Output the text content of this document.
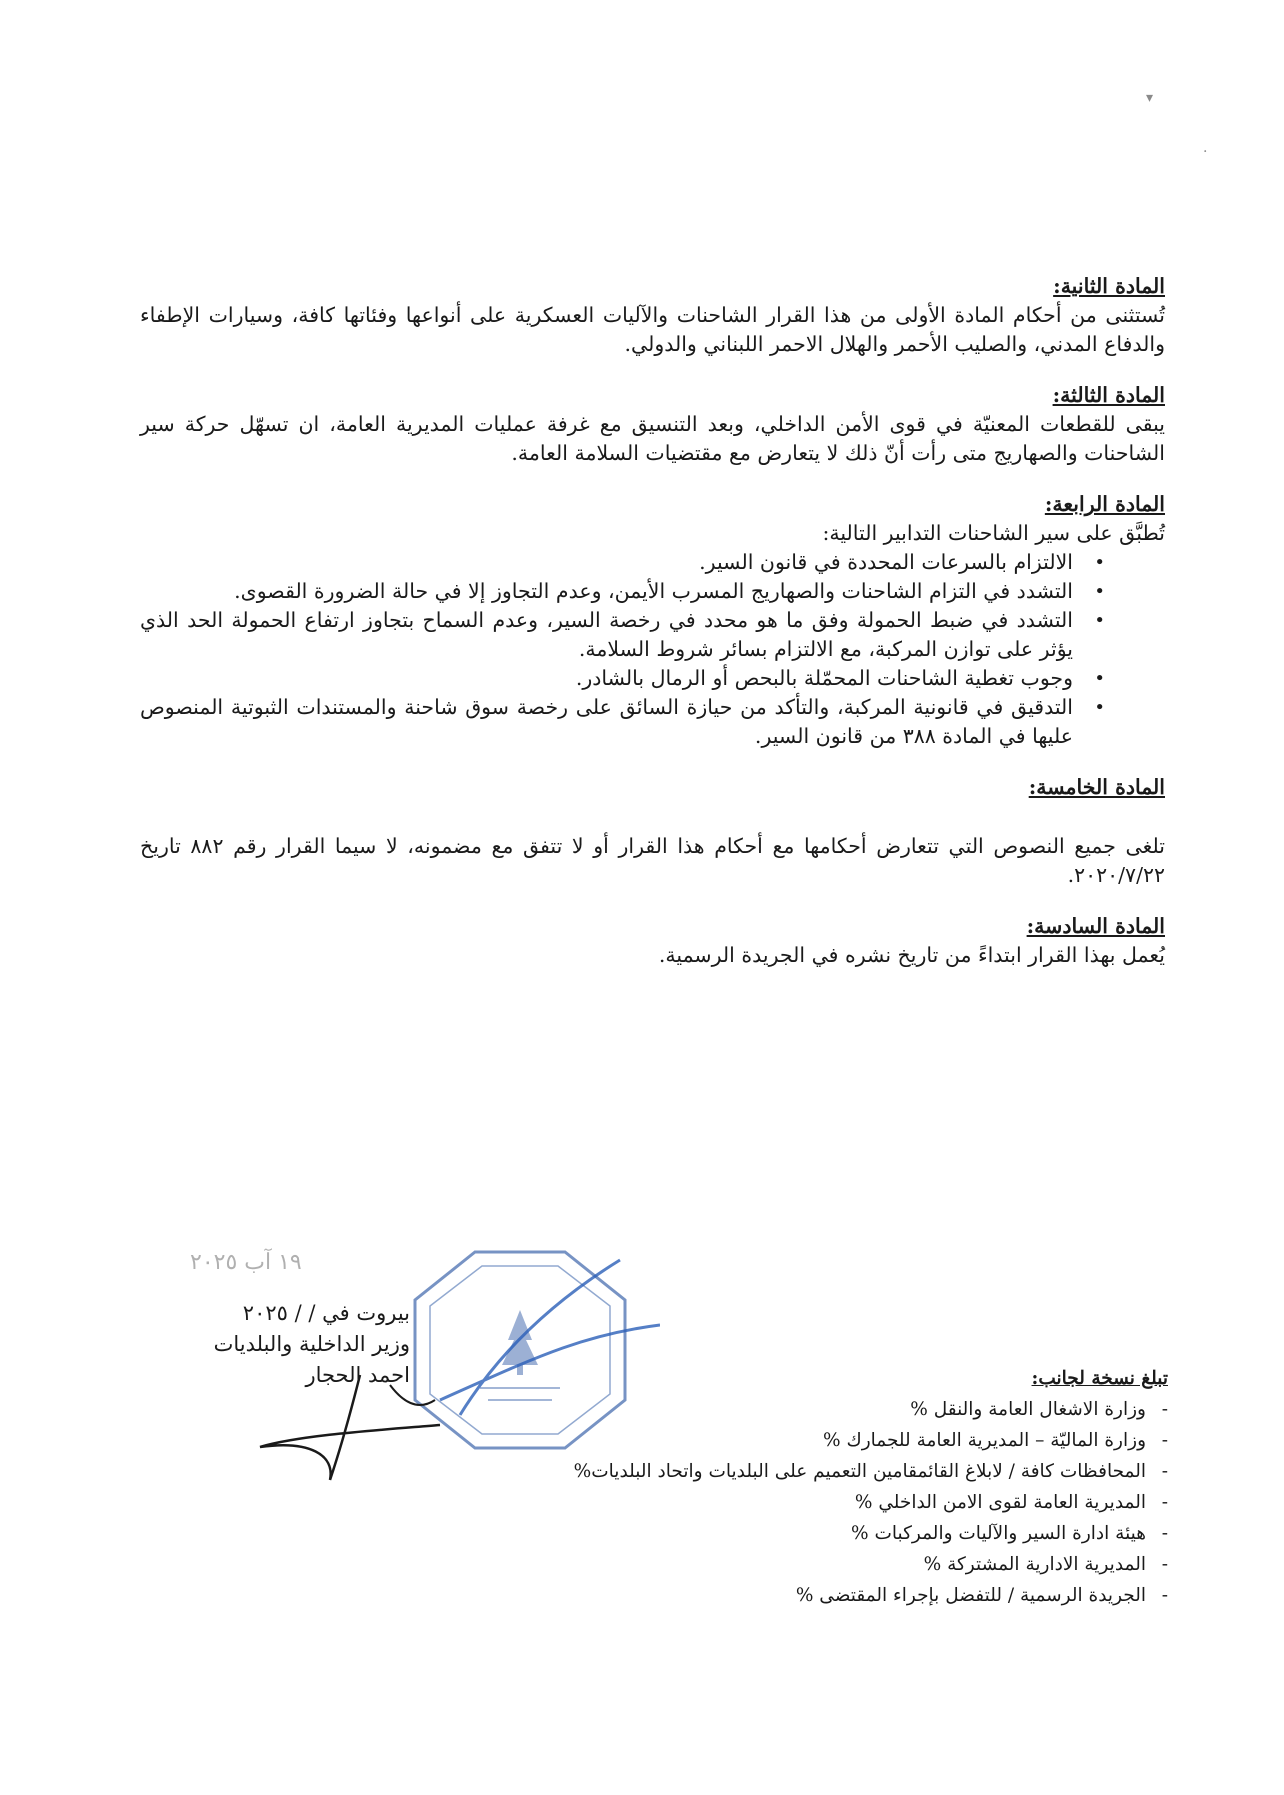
▾
·

المادة الثانية:

تُستثنى من أحكام المادة الأولى من هذا القرار الشاحنات والآليات العسكرية على أنواعها وفئاتها كافة، وسيارات الإطفاء والدفاع المدني، والصليب الأحمر والهلال الاحمر اللبناني والدولي.

المادة الثالثة:

يبقى للقطعات المعنيّة في قوى الأمن الداخلي، وبعد التنسيق مع غرفة عمليات المديرية العامة، ان تسهّل حركة سير الشاحنات والصهاريج متى رأت أنّ ذلك لا يتعارض مع مقتضيات السلامة العامة.

المادة الرابعة:

تُطبَّق على سير الشاحنات التدابير التالية:

• الالتزام بالسرعات المحددة في قانون السير.
• التشدد في التزام الشاحنات والصهاريج المسرب الأيمن، وعدم التجاوز إلا في حالة الضرورة القصوى.
• التشدد في ضبط الحمولة وفق ما هو محدد في رخصة السير، وعدم السماح بتجاوز ارتفاع الحمولة الحد الذي يؤثر على توازن المركبة، مع الالتزام بسائر شروط السلامة.
• وجوب تغطية الشاحنات المحمّلة بالبحص أو الرمال بالشادر.
• التدقيق في قانونية المركبة، والتأكد من حيازة السائق على رخصة سوق شاحنة والمستندات الثبوتية المنصوص عليها في المادة ٣٨٨ من قانون السير.

المادة الخامسة:

تلغى جميع النصوص التي تتعارض أحكامها مع أحكام هذا القرار أو لا تتفق مع مضمونه، لا سيما القرار رقم ٨٨٢ تاريخ ٢٠٢٠/٧/٢٢.

المادة السادسة:

يُعمل بهذا القرار ابتداءً من تاريخ نشره في الجريدة الرسمية.

١٩ آب ٢٠٢٥
بيروت في / / ٢٠٢٥
وزير الداخلية والبلديات
احمد الحجار	تبلغ نسخة لجانب:

-وزارة الاشغال العامة والنقل %
-وزارة الماليّة – المديرية العامة للجمارك %
-المحافظات كافة / لابلاغ القائمقامين التعميم على البلديات واتحاد البلديات%
-المديرية العامة لقوى الامن الداخلي %
-هيئة ادارة السير والآليات والمركبات %
-المديرية الادارية المشتركة %
-الجريدة الرسمية / للتفضل بإجراء المقتضى %
